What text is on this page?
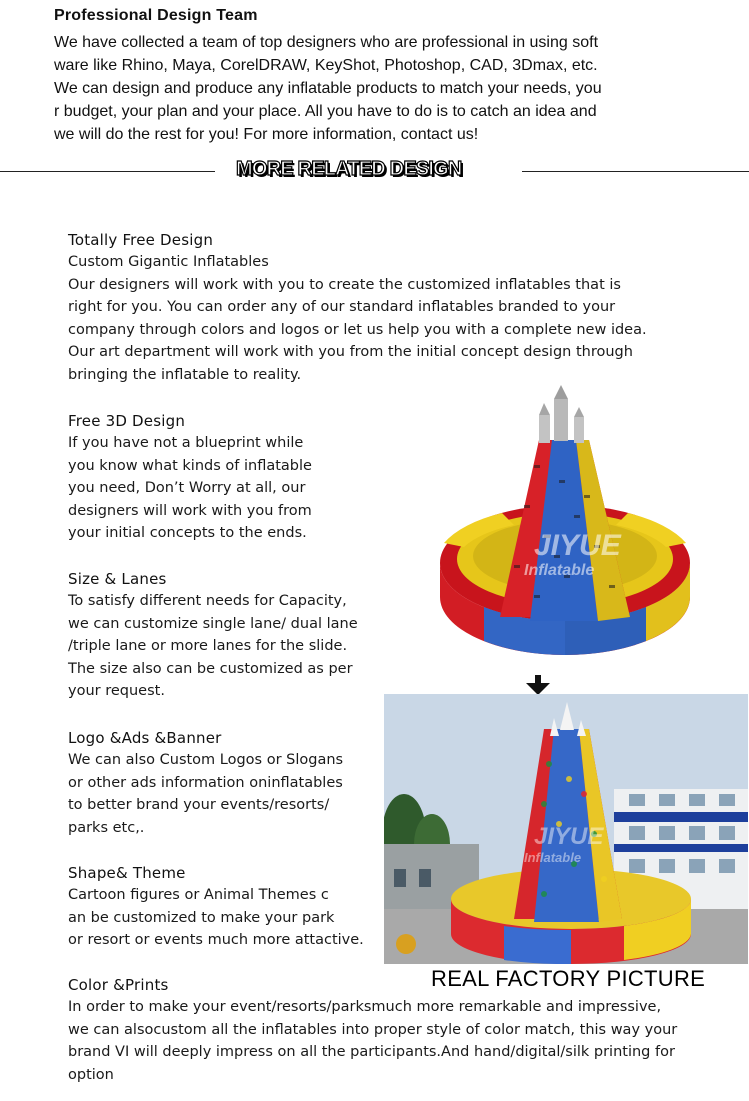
Professional Design Team
We have collected a team of top designers who are professional in using soft
ware like Rhino, Maya, CorelDRAW, KeyShot, Photoshop, CAD, 3Dmax, etc.
We can design and produce any inflatable products to match your needs, you
r budget, your plan and your place. All you have to do is to catch an idea and
we will do the rest for you! For more information, contact us!
MORE RELATED DESIGN
Totally Free Design
Custom Gigantic Inflatables
Our designers will work with you to create the customized inflatables that is
right for you. You can order any of our standard inflatables branded to your
company through colors and logos or let us help you with a complete new idea.
Our art department will work with you from the initial concept design through
bringing the inflatable to reality.
Free 3D Design
If you have not a blueprint while
you know what kinds of inflatable
you need, Don’t Worry at all, our
designers will work with you from
your initial concepts to the ends.
Size & Lanes
To satisfy different needs for Capacity,
we can customize single lane/ dual lane
/triple lane or more lanes for the slide.
The size also can be customized as per
your request.
Logo &Ads &Banner
We can also Custom Logos or Slogans
or other ads information oninflatables
to better brand your events/resorts/
parks etc,.
Shape& Theme
Cartoon figures or Animal Themes c
an be customized to make your park
or resort or events much more attactive.
Color &Prints
In order to make your event/resorts/parksmuch more remarkable and impressive,
we can alsocustom all the inflatables into proper style of color match, this way your
brand VI will deeply impress on all the participants.And hand/digital/silk printing for
option
JIYUE
Inflatable
JIYUE
Inflatable
REAL FACTORY PICTURE
